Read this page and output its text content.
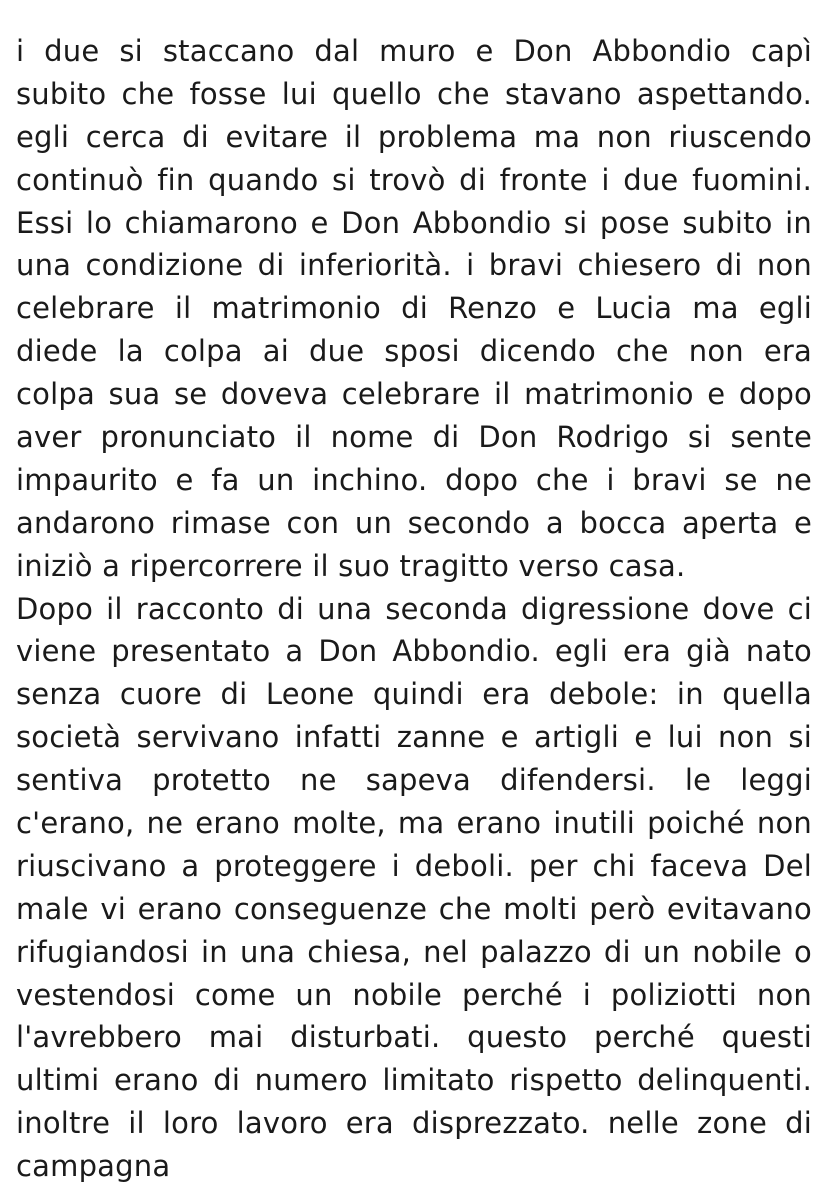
i due si staccano dal muro e Don Abbondio capì
subito che fosse lui quello che stavano aspettando.
egli cerca di evitare il problema ma non riuscendo
continuò fin quando si trovò di fronte i due fuomini.
Essi lo chiamarono e Don Abbondio si pose subito in
una condizione di inferiorità. i bravi chiesero di non
celebrare il matrimonio di Renzo e Lucia ma egli
diede la colpa ai due sposi dicendo che non era
colpa sua se doveva celebrare il matrimonio e dopo
aver pronunciato il nome di Don Rodrigo si sente
impaurito e fa un inchino. dopo che i bravi se ne
andarono rimase con un secondo a bocca aperta e
iniziò a ripercorrere il suo tragitto verso casa.
Dopo il racconto di una seconda digressione dove ci
viene presentato a Don Abbondio. egli era già nato
senza cuore di Leone quindi era debole: in quella
società servivano infatti zanne e artigli e lui non si
sentiva protetto ne sapeva difendersi. le leggi
c'erano, ne erano molte, ma erano inutili poiché non
riuscivano a proteggere i deboli. per chi faceva Del
male vi erano conseguenze che molti però evitavano
rifugiandosi in una chiesa, nel palazzo di un nobile o
vestendosi come un nobile perché i poliziotti non
l'avrebbero mai disturbati. questo perché questi
ultimi erano di numero limitato rispetto delinquenti.
inoltre il loro lavoro era disprezzato. nelle zone di
campagna
